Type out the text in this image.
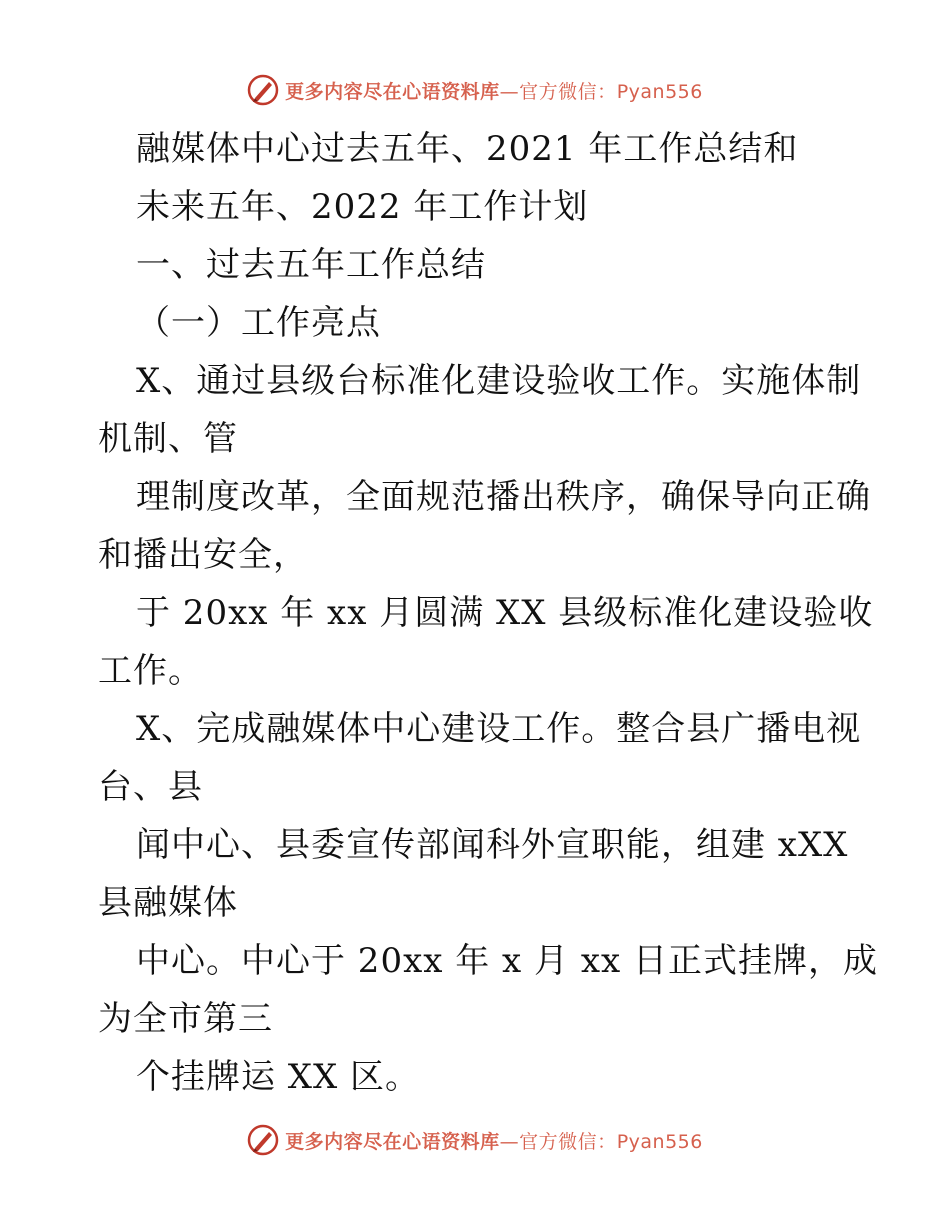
更多内容尽在心语资料库—官方微信：Pyan556
融媒体中心过去五年、2021 年工作总结和
未来五年、2022 年工作计划
一、过去五年工作总结
（一）工作亮点
X、通过县级台标准化建设验收工作。实施体制
机制、管
理制度改革，全面规范播出秩序，确保导向正确
和播出安全，
于 20xx 年 xx 月圆满 XX 县级标准化建设验收
工作。
X、完成融媒体中心建设工作。整合县广播电视
台、县
闻中心、县委宣传部闻科外宣职能，组建 xXX
县融媒体
中心。中心于 20xx 年 x 月 xx 日正式挂牌，成
为全市第三
个挂牌运 XX 区。
更多内容尽在心语资料库—官方微信：Pyan556
